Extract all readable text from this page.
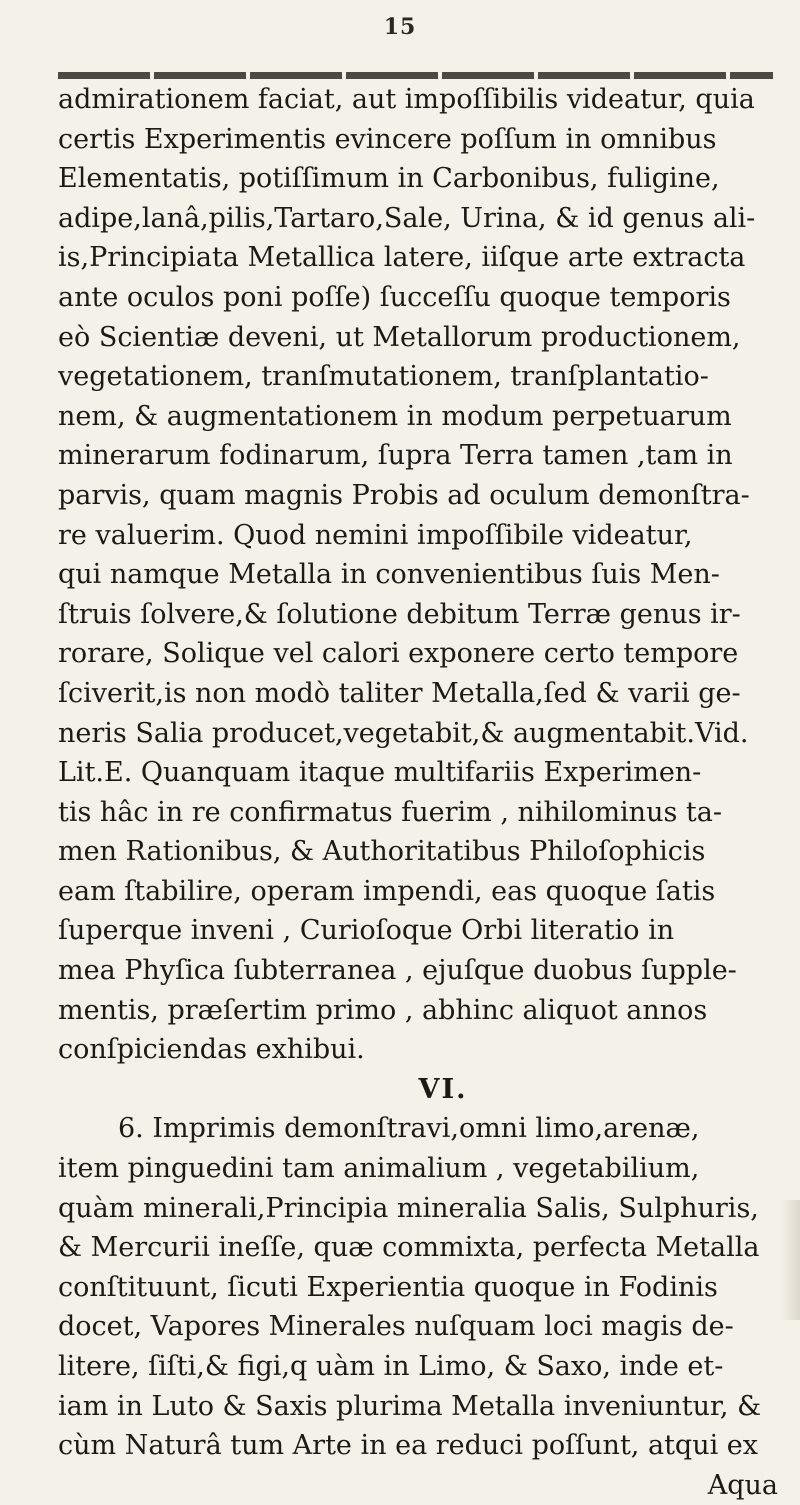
15
admirationem faciat, aut impoſſibilis videatur, quia
certis Experimentis evincere poſſum in omnibus
Elementatis, potiſſimum in Carbonibus, fuligine,
adipe,lanâ,pilis,Tartaro,Sale, Urina, & id genus ali-
is,Principiata Metallica latere, iiſque arte extracta
ante oculos poni poſſe) ſucceſſu quoque temporis
eò Scientiæ deveni, ut Metallorum productionem,
vegetationem, tranſmutationem, tranſplantatio-
nem, & augmentationem in modum perpetuarum
minerarum fodinarum, ſupra Terra tamen ,tam in
parvis, quam magnis Probis ad oculum demonſtra-
re valuerim. Quod nemini impoſſibile videatur,
qui namque Metalla in convenientibus ſuis Men-
ſtruis ſolvere,& ſolutione debitum Terræ genus ir-
rorare, Solique vel calori exponere certo tempore
ſciverit,is non modò taliter Metalla,ſed & varii ge-
neris Salia producet,vegetabit,& augmentabit.Vid.
Lit.E. Quanquam itaque multifariis Experimen-
tis hâc in re confirmatus fuerim , nihilominus ta-
men Rationibus, & Authoritatibus Philoſophicis
eam ſtabilire, operam impendi, eas quoque ſatis
ſuperque inveni , Curioſoque Orbi literatio in
mea Phyſica ſubterranea , ejuſque duobus ſupple-
mentis, præſertim primo , abhinc aliquot annos
conſpiciendas exhibui.
VI.
6. Imprimis demonſtravi,omni limo,arenæ,
item pinguedini tam animalium , vegetabilium,
quàm minerali,Principia mineralia Salis, Sulphuris,
& Mercurii ineſſe, quæ commixta, perfecta Metalla
conſtituunt, ſicuti Experientia quoque in Fodinis
docet, Vapores Minerales nuſquam loci magis de-
litere, ſiſti,& figi,q uàm in Limo, & Saxo, inde et-
iam in Luto & Saxis plurima Metalla inveniuntur, &
cùm Naturâ tum Arte in ea reduci poſſunt, atqui ex
Aqua
